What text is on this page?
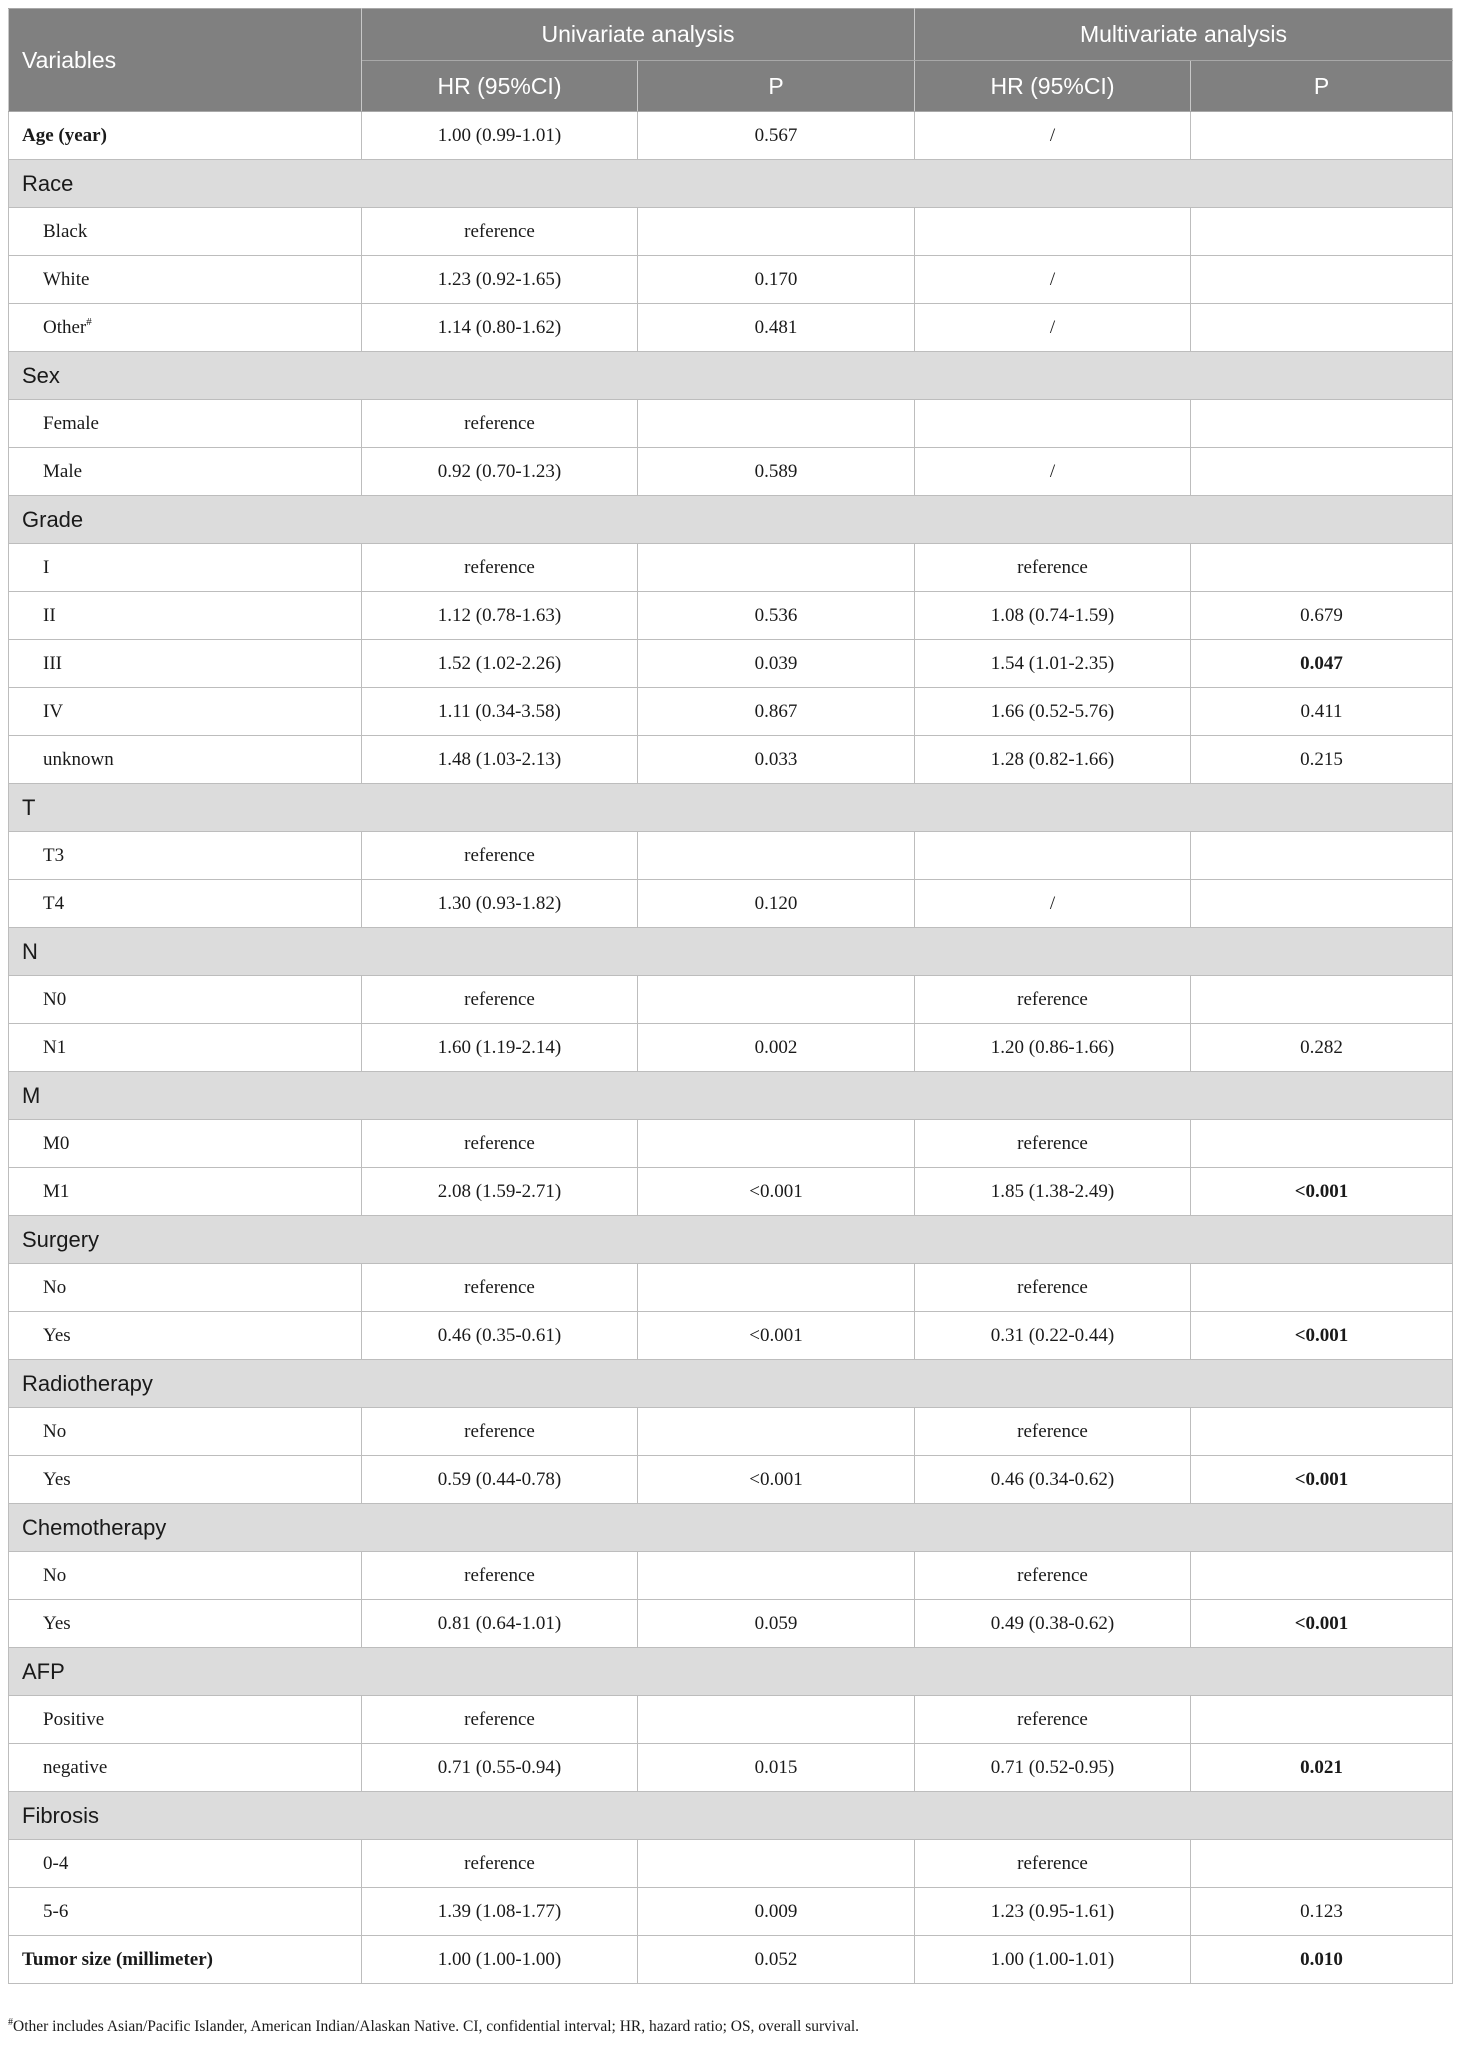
Variables	Univariate analysis		Multivariate analysis	
	HR (95%CI)	P	HR (95%CI)	P
Age (year)	1.00 (0.99-1.01)	0.567	/	
Race				
Black	reference			
White	1.23 (0.92-1.65)	0.170	/	
Other#	1.14 (0.80-1.62)	0.481	/	
Sex				
Female	reference			
Male	0.92 (0.70-1.23)	0.589	/	
Grade				
I	reference		reference	
II	1.12 (0.78-1.63)	0.536	1.08 (0.74-1.59)	0.679
III	1.52 (1.02-2.26)	0.039	1.54 (1.01-2.35)	0.047
IV	1.11 (0.34-3.58)	0.867	1.66 (0.52-5.76)	0.411
unknown	1.48 (1.03-2.13)	0.033	1.28 (0.82-1.66)	0.215
T				
T3	reference			
T4	1.30 (0.93-1.82)	0.120	/	
N				
N0	reference		reference	
N1	1.60 (1.19-2.14)	0.002	1.20 (0.86-1.66)	0.282
M				
M0	reference		reference	
M1	2.08 (1.59-2.71)	<0.001	1.85 (1.38-2.49)	<0.001
Surgery				
No	reference		reference	
Yes	0.46 (0.35-0.61)	<0.001	0.31 (0.22-0.44)	<0.001
Radiotherapy				
No	reference		reference	
Yes	0.59 (0.44-0.78)	<0.001	0.46 (0.34-0.62)	<0.001
Chemotherapy				
No	reference		reference	
Yes	0.81 (0.64-1.01)	0.059	0.49 (0.38-0.62)	<0.001
AFP				
Positive	reference		reference	
negative	0.71 (0.55-0.94)	0.015	0.71 (0.52-0.95)	0.021
Fibrosis				
0-4	reference		reference	
5-6	1.39 (1.08-1.77)	0.009	1.23 (0.95-1.61)	0.123
Tumor size (millimeter)	1.00 (1.00-1.00)	0.052	1.00 (1.00-1.01)	0.010
#Other includes Asian/Pacific Islander, American Indian/Alaskan Native. CI, confidential interval; HR, hazard ratio; OS, overall survival.
